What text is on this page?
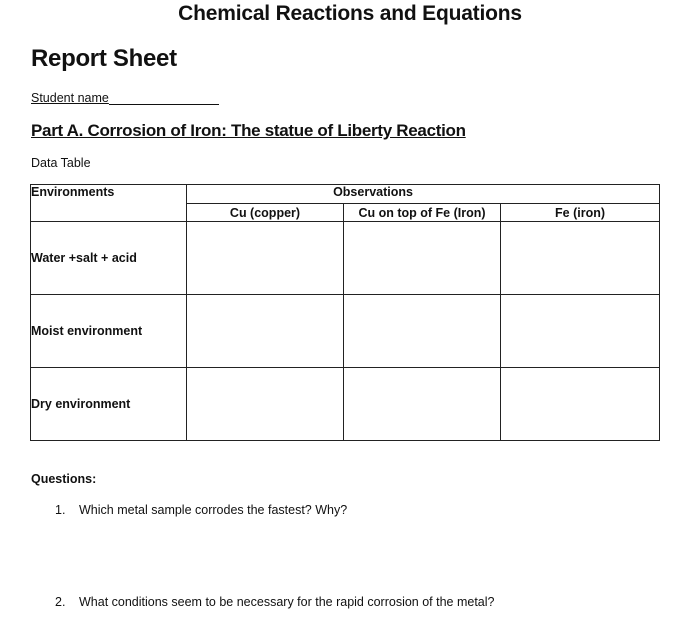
Chemical Reactions and Equations
Report Sheet
Student name
Part A. Corrosion of Iron: The statue of Liberty Reaction
Data Table
Environments	Observations		
	Cu (copper)	Cu on top of Fe (Iron)	Fe (iron)
Water +salt + acid			
Moist environment			
Dry environment			
Questions:
1.	Which metal sample corrodes the fastest? Why?
2.	What conditions seem to be necessary for the rapid corrosion of the metal?
